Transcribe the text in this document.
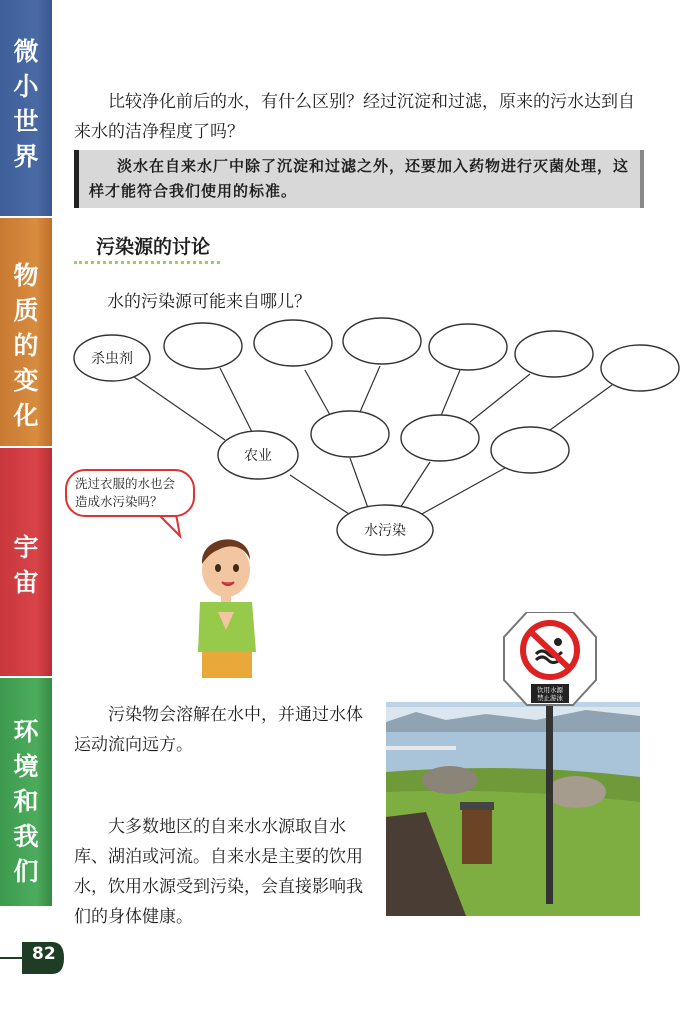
微
小
世
界
物
质
的
变
化
宇
宙
环
境
和
我
们
比较净化前后的水，有什么区别？经过沉淀和过滤，原来的污水达到自来水的洁净程度了吗？
淡水在自来水厂中除了沉淀和过滤之外，还要加入药物进行灭菌处理，这样才能符合我们使用的标准。
污染源的讨论
水的污染源可能来自哪儿？
杀虫剂
农业
水污染
洗过衣服的水也会造成水污染吗？
污染物会溶解在水中，并通过水体运动流向远方。
大多数地区的自来水水源取自水库、湖泊或河流。自来水是主要的饮用水，饮用水源受到污染，会直接影响我们的身体健康。
饮用水源
禁止游泳
82
